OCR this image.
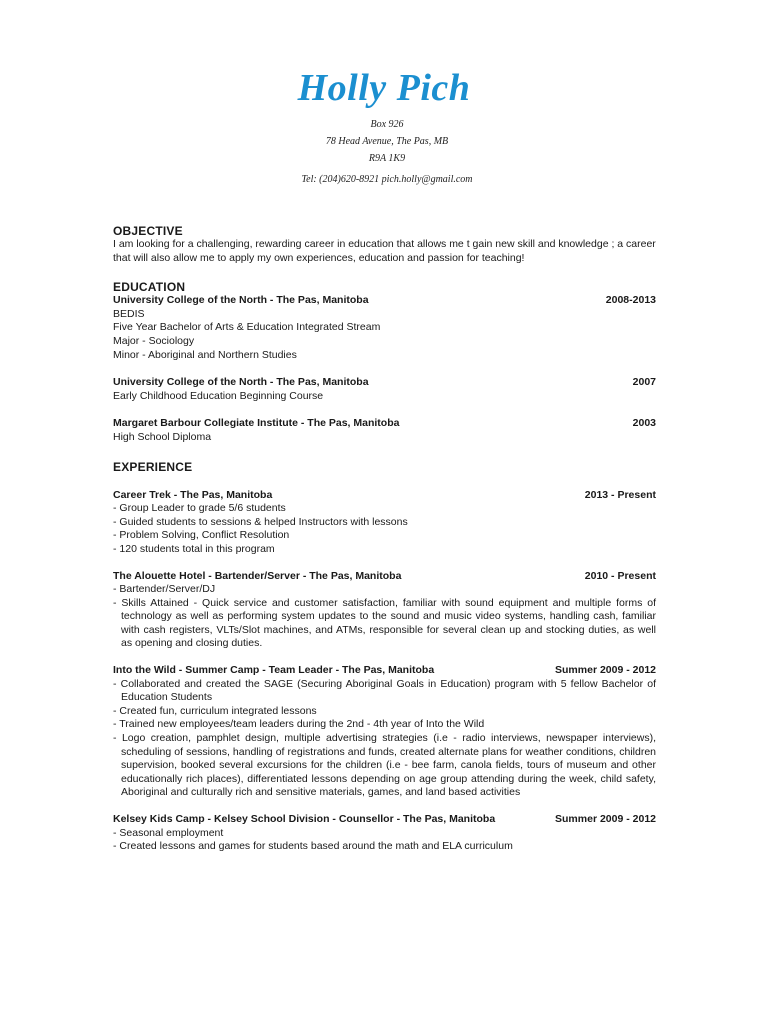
Holly Pich
Box 926
78 Head Avenue, The Pas, MB
R9A 1K9
Tel: (204)620-8921 pich.holly@gmail.com
OBJECTIVE

I am looking for a challenging, rewarding career in education that allows me t gain new skill and knowledge ; a career that will also allow me to apply my own experiences, education and passion for teaching!

EDUCATION
University College of the North - The Pas, Manitoba	2008-2013

BEDIS

Five Year Bachelor of Arts & Education Integrated Stream

Major - Sociology

Minor - Aboriginal and Northern Studies

University College of the North - The Pas, Manitoba	2007

Early Childhood Education Beginning Course

Margaret Barbour Collegiate Institute - The Pas, Manitoba	2003

High School Diploma

EXPERIENCE
Career Trek - The Pas, Manitoba	2013 - Present

- Group Leader to grade 5/6 students

- Guided students to sessions & helped Instructors with lessons

- Problem Solving, Conflict Resolution

- 120 students total in this program

The Alouette Hotel - Bartender/Server - The Pas, Manitoba	2010 - Present

- Bartender/Server/DJ

- Skills Attained - Quick service and customer satisfaction, familiar with sound equipment and multiple forms of technology as well as performing system updates to the sound and music video systems, handling cash, familiar with cash registers, VLTs/Slot machines, and ATMs, responsible for several clean up and stocking duties, as well as opening and closing duties.

Into the Wild - Summer Camp - Team Leader - The Pas, Manitoba	Summer 2009 - 2012

- Collaborated and created the SAGE (Securing Aboriginal Goals in Education) program with 5 fellow Bachelor of Education Students

- Created fun, curriculum integrated lessons

- Trained new employees/team leaders during the 2nd - 4th year of Into the Wild

- Logo creation, pamphlet design, multiple advertising strategies (i.e - radio interviews, newspaper interviews), scheduling of sessions, handling of registrations and funds, created alternate plans for weather conditions, children supervision, booked several excursions for the children (i.e - bee farm, canola fields, tours of museum and other educationally rich places), differentiated lessons depending on age group attending during the week, child safety, Aboriginal and culturally rich and sensitive materials, games, and land based activities

Kelsey Kids Camp - Kelsey School Division - Counsellor - The Pas, Manitoba	Summer 2009 - 2012

- Seasonal employment

- Created lessons and games for students based around the math and ELA curriculum
